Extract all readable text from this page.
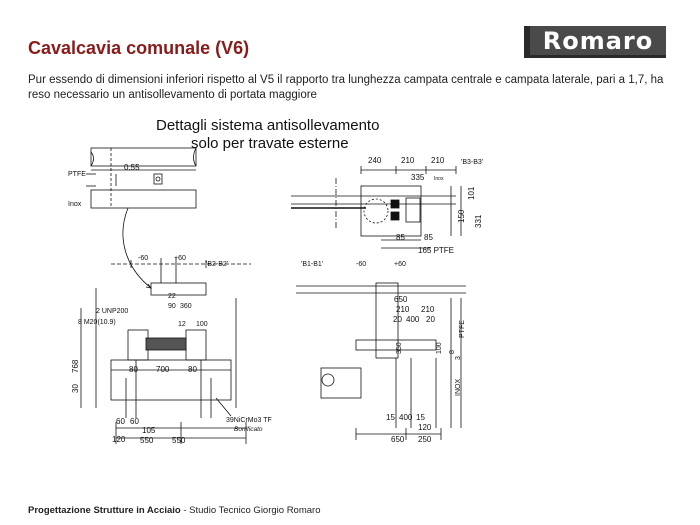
Cavalcavia comunale (V6)	Romaro
Pur essendo di dimensioni inferiori rispetto al V5 il rapporto tra lunghezza campata centrale e campata laterale, pari a 1,7, ha reso necessario un antisollevamento di portata maggiore
Dettagli sistema antisollevamento
solo per travate esterne
PTFE
Inox
0.55
'B3-B3'
240 210 210
335 Inox
101
150 331
85 85
165 PTFE
'B2-B2'
-60	+60
'B1-B1'	-60	+60
2 UNP200
8 M20(10.9)
22
90 360
12 100
80 700 80
60 60
105
120 550 550
30
768
39NiCrMo3 TF
Bonificato
650
210 210
20 400 20
350	100 8
PTFE
INOX
3
15 400 15
120
650 250
Progettazione Strutture in Acciaio - Studio Tecnico Giorgio Romaro
